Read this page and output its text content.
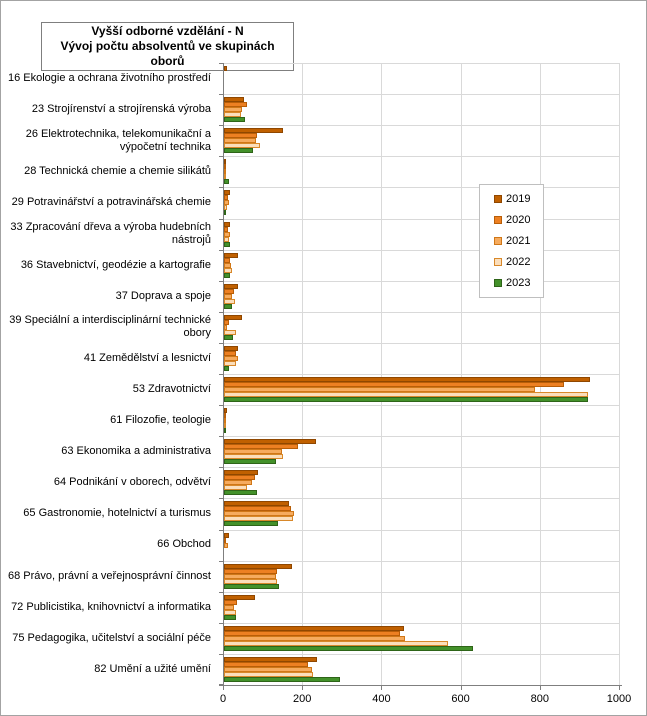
Vyšší odborné vzdělání - N
Vývoj počtu absolventů ve skupinách oborů
16 Ekologie a ochrana životního prostředí
23 Strojírenství a strojírenská výroba
26 Elektrotechnika, telekomunikační a výpočetní technika
28 Technická chemie a chemie silikátů
29 Potravinářství a potravinářská chemie
33 Zpracování dřeva a výroba hudebních nástrojů
36 Stavebnictví, geodézie a kartografie
37 Doprava a spoje
39 Speciální a interdisciplinární technické obory
41 Zemědělství a lesnictví
53 Zdravotnictví
61 Filozofie, teologie
63 Ekonomika a administrativa
64 Podnikání v oborech, odvětví
65 Gastronomie, hotelnictví a turismus
66 Obchod
68 Právo, právní a veřejnosprávní činnost
72 Publicistika, knihovnictví a informatika
75 Pedagogika, učitelství a sociální péče
82 Umění a užité umění
0	200	400	600	800	1000
2019
2020
2021
2022
2023
